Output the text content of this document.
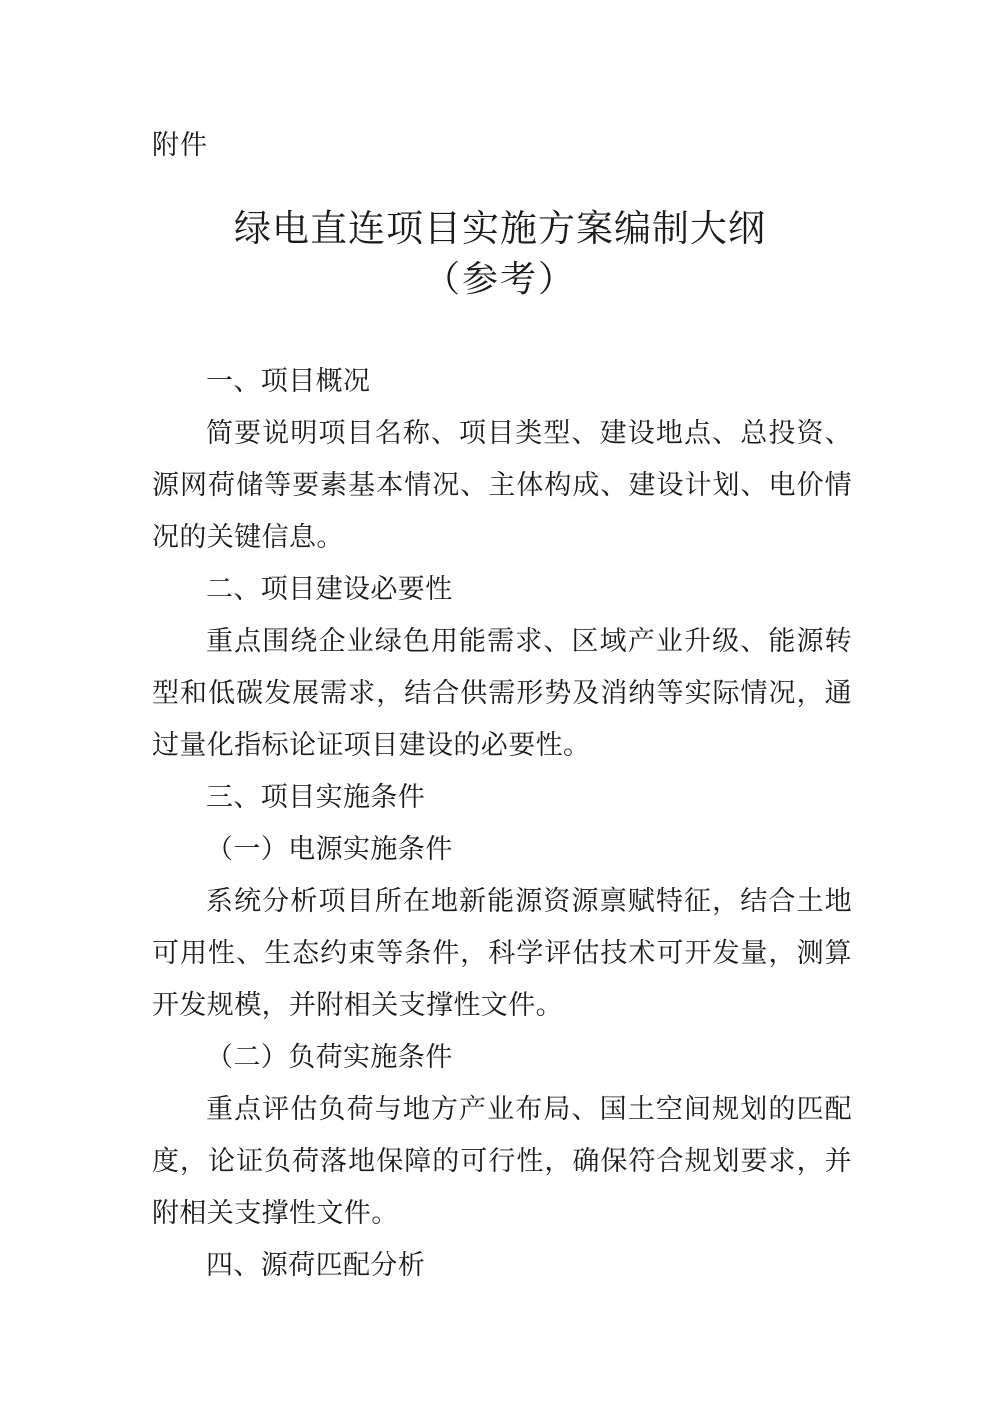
附件
绿电直连项目实施方案编制大纲
（参考）

一、项目概况

简要说明项目名称、项目类型、建设地点、总投资、源网荷储等要素基本情况、主体构成、建设计划、电价情况的关键信息。

二、项目建设必要性

重点围绕企业绿色用能需求、区域产业升级、能源转型和低碳发展需求，结合供需形势及消纳等实际情况，通过量化指标论证项目建设的必要性。

三、项目实施条件

（一）电源实施条件

系统分析项目所在地新能源资源禀赋特征，结合土地可用性、生态约束等条件，科学评估技术可开发量，测算开发规模，并附相关支撑性文件。

（二）负荷实施条件

重点评估负荷与地方产业布局、国土空间规划的匹配度，论证负荷落地保障的可行性，确保符合规划要求，并附相关支撑性文件。

四、源荷匹配分析
